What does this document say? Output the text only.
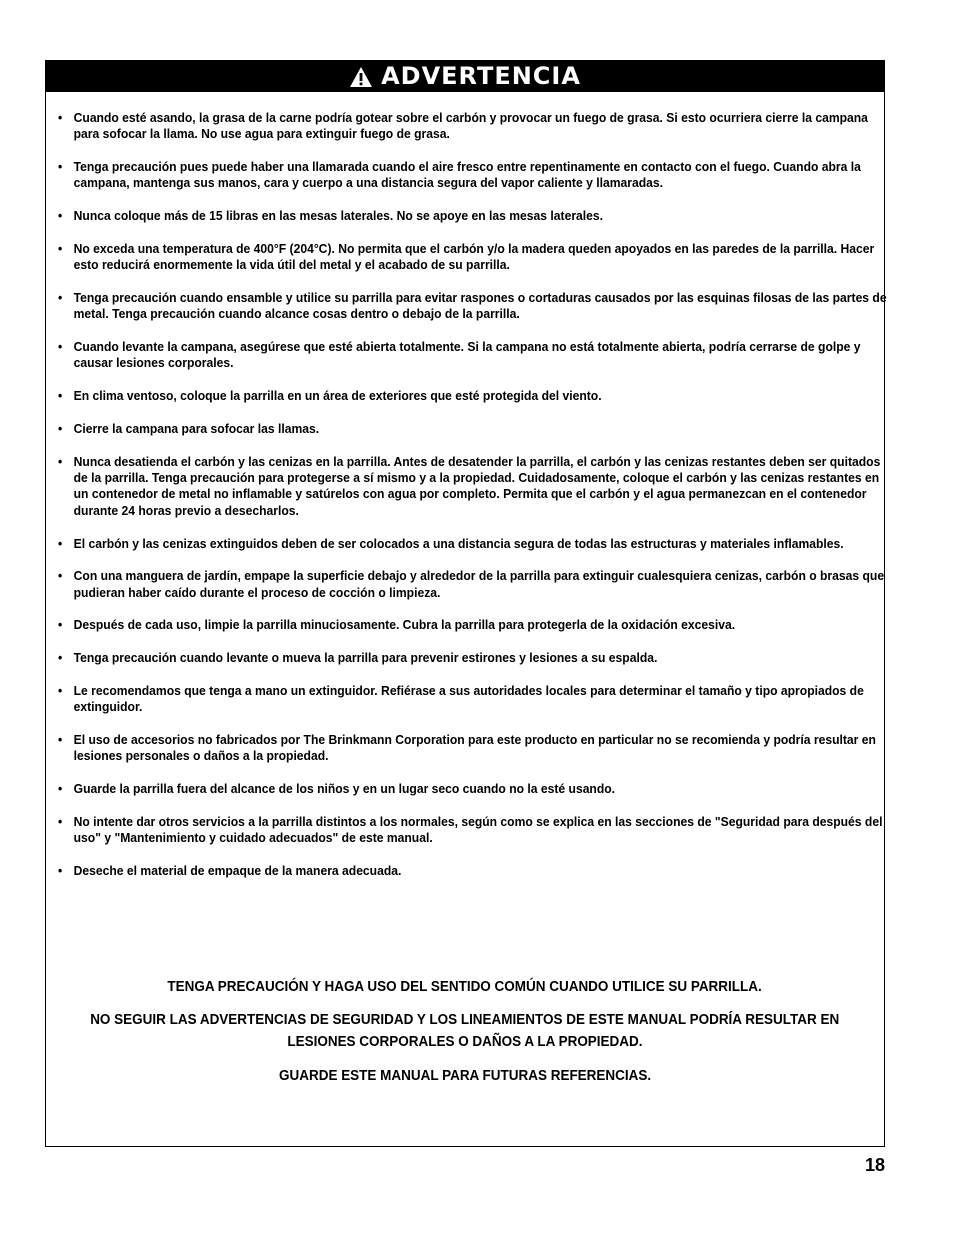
ADVERTENCIA
• Cuando esté asando, la grasa de la carne podría gotear sobre el carbón y provocar un fuego de grasa. Si esto ocurriera cierre la campana para sofocar la llama. No use agua para extinguir fuego de grasa.
• Tenga precaución pues puede haber una llamarada cuando el aire fresco entre repentinamente en contacto con el fuego. Cuando abra la campana, mantenga sus manos, cara y cuerpo a una distancia segura del vapor caliente y llamaradas.
• Nunca coloque más de 15 libras en las mesas laterales. No se apoye en las mesas laterales.
• No exceda una temperatura de 400°F (204°C). No permita que el carbón y/o la madera queden apoyados en las paredes de la parrilla. Hacer esto reducirá enormemente la vida útil del metal y el acabado de su parrilla.
• Tenga precaución cuando ensamble y utilice su parrilla para evitar raspones o cortaduras causados por las esquinas filosas de las partes de metal. Tenga precaución cuando alcance cosas dentro o debajo de la parrilla.
• Cuando levante la campana, asegúrese que esté abierta totalmente. Si la campana no está totalmente abierta, podría cerrarse de golpe y causar lesiones corporales.
• En clima ventoso, coloque la parrilla en un área de exteriores que esté protegida del viento.
• Cierre la campana para sofocar las llamas.
• Nunca desatienda el carbón y las cenizas en la parrilla. Antes de desatender la parrilla, el carbón y las cenizas restantes deben ser quitados de la parrilla. Tenga precaución para protegerse a sí mismo y a la propiedad. Cuidadosamente, coloque el carbón y las cenizas restantes en un contenedor de metal no inflamable y satúrelos con agua por completo. Permita que el carbón y el agua permanezcan en el contenedor durante 24 horas previo a desecharlos.
• El carbón y las cenizas extinguidos deben de ser colocados a una distancia segura de todas las estructuras y materiales inflamables.
• Con una manguera de jardín, empape la superficie debajo y alrededor de la parrilla para extinguir cualesquiera cenizas, carbón o brasas que pudieran haber caído durante el proceso de cocción o limpieza.
• Después de cada uso, limpie la parrilla minuciosamente. Cubra la parrilla para protegerla de la oxidación excesiva.
• Tenga precaución cuando levante o mueva la parrilla para prevenir estirones y lesiones a su espalda.
• Le recomendamos que tenga a mano un extinguidor. Refiérase a sus autoridades locales para determinar el tamaño y tipo apropiados de extinguidor.
• El uso de accesorios no fabricados por The Brinkmann Corporation para este producto en particular no se recomienda y podría resultar en lesiones personales o daños a la propiedad.
• Guarde la parrilla fuera del alcance de los niños y en un lugar seco cuando no la esté usando.
• No intente dar otros servicios a la parrilla distintos a los normales, según como se explica en las secciones de "Seguridad para después del uso" y "Mantenimiento y cuidado adecuados" de este manual.
• Deseche el material de empaque de la manera adecuada.
TENGA PRECAUCIÓN Y HAGA USO DEL SENTIDO COMÚN CUANDO UTILICE SU PARRILLA.
NO SEGUIR LAS ADVERTENCIAS DE SEGURIDAD Y LOS LINEAMIENTOS DE ESTE MANUAL PODRÍA RESULTAR EN
LESIONES CORPORALES O DAÑOS A LA PROPIEDAD.
GUARDE ESTE MANUAL PARA FUTURAS REFERENCIAS.
18
